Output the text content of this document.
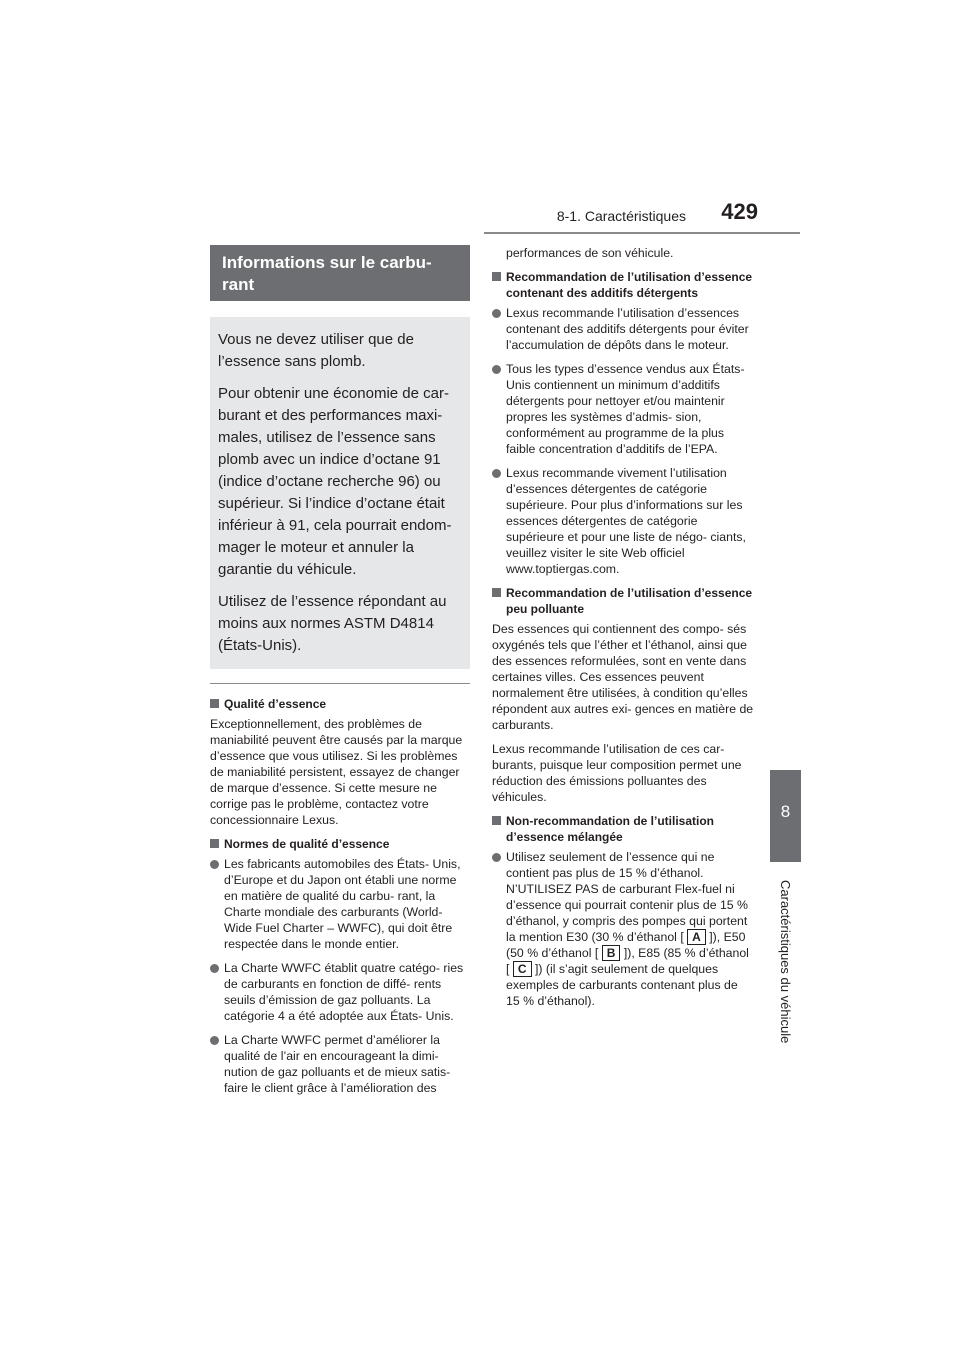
8-1. Caractéristiques 429
8
Caractéristiques du véhicule
Informations sur le carbu- rant

Vous ne devez utiliser que de l’essence sans plomb.

Pour obtenir une économie de car- burant et des performances maxi- males, utilisez de l’essence sans plomb avec un indice d’octane 91 (indice d’octane recherche 96) ou supérieur. Si l’indice d’octane était inférieur à 91, cela pourrait endom- mager le moteur et annuler la garantie du véhicule.

Utilisez de l’essence répondant au moins aux normes ASTM D4814 (États-Unis).

Qualité d’essence
Exceptionnellement, des problèmes de maniabilité peuvent être causés par la marque d’essence que vous utilisez. Si les problèmes de maniabilité persistent, essayez de changer de marque d’essence. Si cette mesure ne corrige pas le problème, contactez votre concessionnaire Lexus.
Normes de qualité d’essence
Les fabricants automobiles des États- Unis, d’Europe et du Japon ont établi une norme en matière de qualité du carbu- rant, la Charte mondiale des carburants (World-Wide Fuel Charter – WWFC), qui doit être respectée dans le monde entier.
La Charte WWFC établit quatre catégo- ries de carburants en fonction de diffé- rents seuils d’émission de gaz polluants. La catégorie 4 a été adoptée aux États- Unis.
La Charte WWFC permet d’améliorer la qualité de l’air en encourageant la dimi- nution de gaz polluants et de mieux satis- faire le client grâce à l’amélioration des
performances de son véhicule.
Recommandation de l’utilisation d’essence contenant des additifs détergents
Lexus recommande l’utilisation d’essences contenant des additifs détergents pour éviter l’accumulation de dépôts dans le moteur.
Tous les types d’essence vendus aux États-Unis contiennent un minimum d’additifs détergents pour nettoyer et/ou maintenir propres les systèmes d’admis- sion, conformément au programme de la plus faible concentration d’additifs de l’EPA.
Lexus recommande vivement l’utilisation d’essences détergentes de catégorie supérieure. Pour plus d’informations sur les essences détergentes de catégorie supérieure et pour une liste de négo- ciants, veuillez visiter le site Web officiel www.toptiergas.com.
Recommandation de l’utilisation d’essence peu polluante
Des essences qui contiennent des compo- sés oxygénés tels que l’éther et l’éthanol, ainsi que des essences reformulées, sont en vente dans certaines villes. Ces essences peuvent normalement être utilisées, à condition qu’elles répondent aux autres exi- gences en matière de carburants.
Lexus recommande l’utilisation de ces car- burants, puisque leur composition permet une réduction des émissions polluantes des véhicules.
Non-recommandation de l’utilisation d’essence mélangée
Utilisez seulement de l’essence qui ne contient pas plus de 15 % d’éthanol. N’UTILISEZ PAS de carburant Flex-fuel ni d’essence qui pourrait contenir plus de 15 % d’éthanol, y compris des pompes qui portent la mention E30 (30 % d’éthanol [ A ]), E50 (50 % d’éthanol [ B ]), E85 (85 % d’éthanol [ C ]) (il s’agit seulement de quelques exemples de carburants contenant plus de 15 % d’éthanol).
